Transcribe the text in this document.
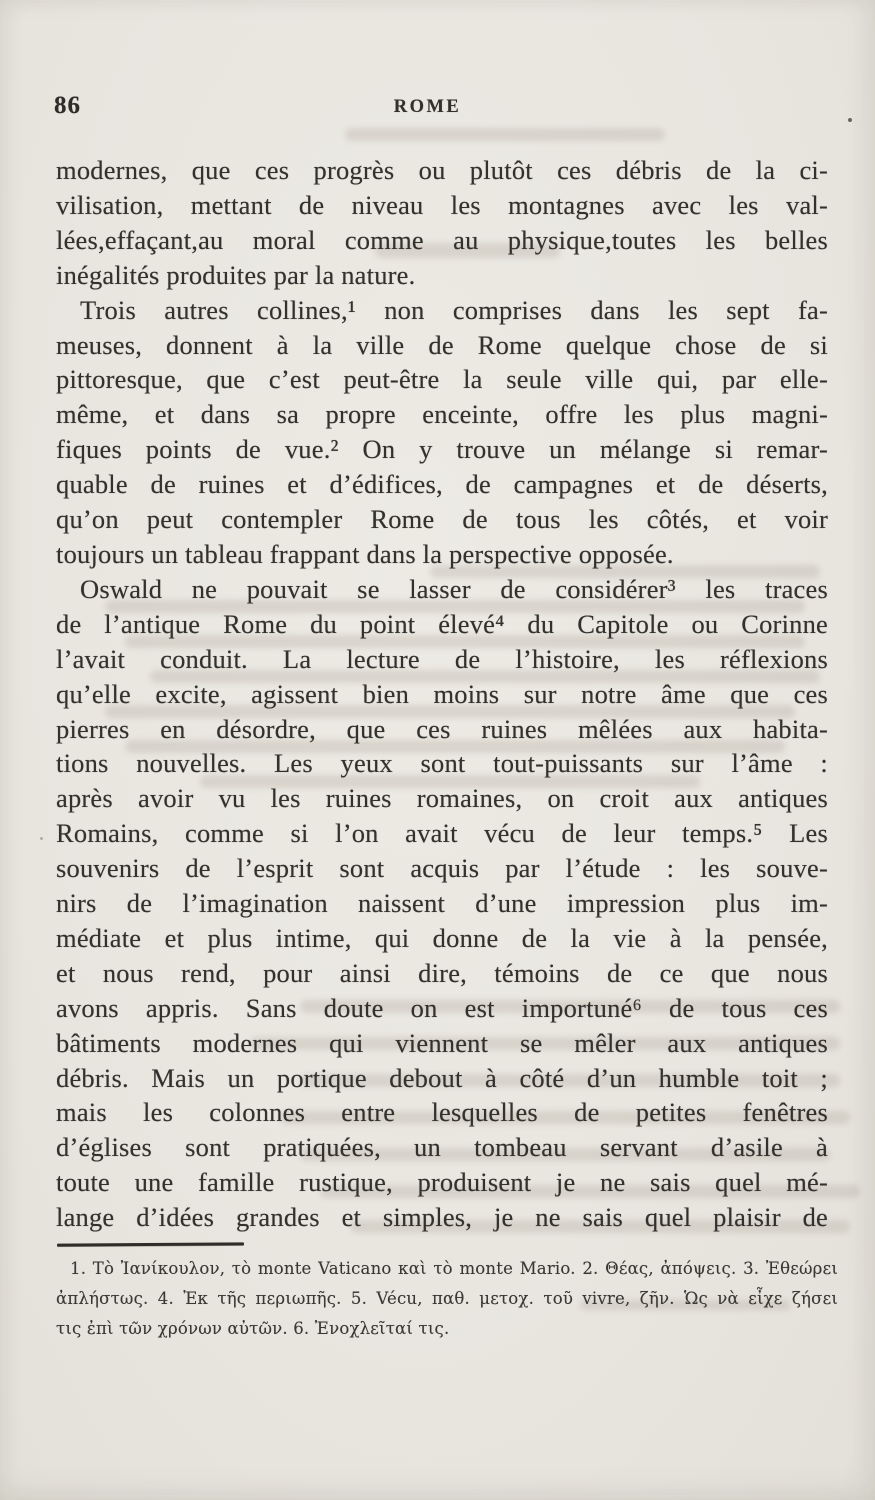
86	ROME
modernes, que ces progrès ou plutôt ces débris de la ci-
vilisation, mettant de niveau les montagnes avec les val-
lées,effaçant,au moral comme au physique,toutes les belles
inégalités produites par la nature.
Trois autres collines,¹ non comprises dans les sept fa-
meuses, donnent à la ville de Rome quelque chose de si
pittoresque, que c’est peut-être la seule ville qui, par elle-
même, et dans sa propre enceinte, offre les plus magni-
fiques points de vue.² On y trouve un mélange si remar-
quable de ruines et d’édifices, de campagnes et de déserts,
qu’on peut contempler Rome de tous les côtés, et voir
toujours un tableau frappant dans la perspective opposée.
Oswald ne pouvait se lasser de considérer³ les traces
de l’antique Rome du point élevé⁴ du Capitole ou Corinne
l’avait conduit. La lecture de l’histoire, les réflexions
qu’elle excite, agissent bien moins sur notre âme que ces
pierres en désordre, que ces ruines mêlées aux habita-
tions nouvelles. Les yeux sont tout-puissants sur l’âme :
après avoir vu les ruines romaines, on croit aux antiques
Romains, comme si l’on avait vécu de leur temps.⁵ Les
souvenirs de l’esprit sont acquis par l’étude : les souve-
nirs de l’imagination naissent d’une impression plus im-
médiate et plus intime, qui donne de la vie à la pensée,
et nous rend, pour ainsi dire, témoins de ce que nous
avons appris. Sans doute on est importuné⁶ de tous ces
bâtiments modernes qui viennent se mêler aux antiques
débris. Mais un portique debout à côté d’un humble toit ;
mais les colonnes entre lesquelles de petites fenêtres
d’églises sont pratiquées, un tombeau servant d’asile à
toute une famille rustique, produisent je ne sais quel mé-
lange d’idées grandes et simples, je ne sais quel plaisir de
1. Τὸ Ἰανίκουλον, τὸ monte Vaticano καὶ τὸ monte Mario. 2. Θέας, ἀπόψεις. 3. Ἐθεώρει
ἀπλήστως. 4. Ἐκ τῆς περιωπῆς. 5. Vécu, παθ. μετοχ. τοῦ vivre, ζῆν. Ὡς νὰ εἶχε ζήσει
τις ἐπὶ τῶν χρόνων αὐτῶν. 6. Ἐνοχλεῖταί τις.
